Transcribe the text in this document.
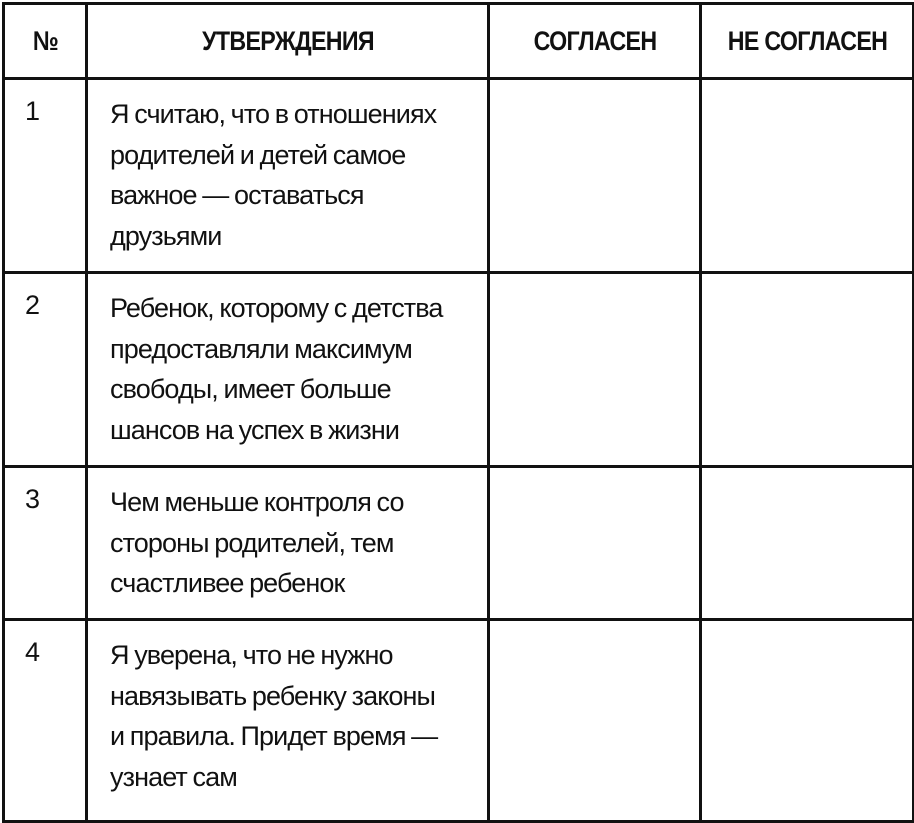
№	УТВЕРЖДЕНИЯ	СОГЛАСЕН	НЕ СОГЛАСЕН
1	Я считаю, что в отношениях
родителей и детей самое
важное — оставаться
друзьями		

2	Ребенок, которому с детства
предоставляли максимум
свободы, имеет больше
шансов на успех в жизни		

3	Чем меньше контроля со
стороны родителей, тем
счастливее ребенок		

4	Я уверена, что не нужно
навязывать ребенку законы
и правила. Придет время —
узнает сам		
